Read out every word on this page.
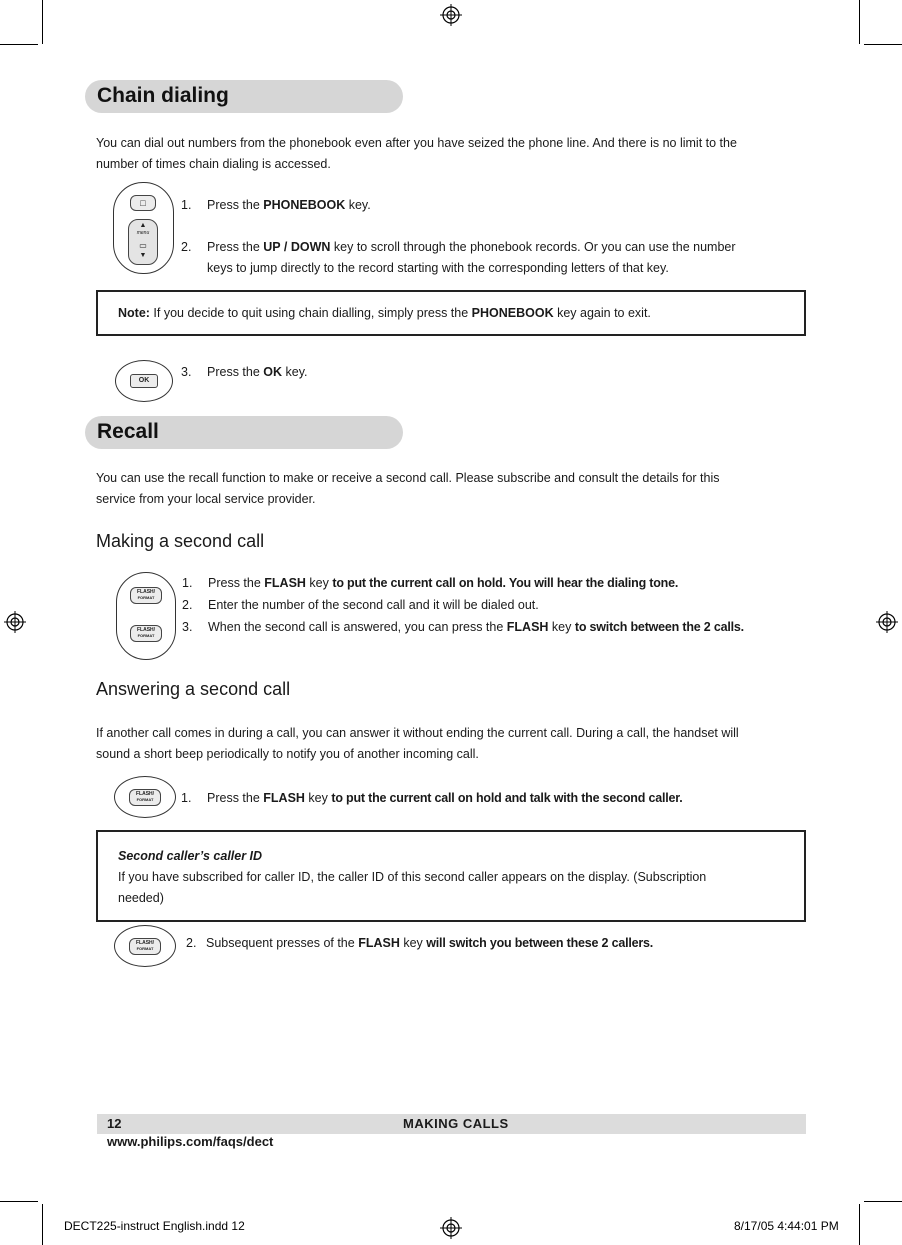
Chain dialing
You can dial out numbers from the phonebook even after you have seized the phone line. And there is no limit to the
number of times chain dialing is accessed.
□
▲
menu
▭
▼
1. Press the PHONEBOOK key.
2. Press the UP / DOWN key to scroll through the phonebook records. Or you can use the number
keys to jump directly to the record starting with the corresponding letters of that key.
Note: If you decide to quit using chain dialling, simply press the PHONEBOOK key again to exit.
OK
3. Press the OK key.
Recall
You can use the recall function to make or receive a second call. Please subscribe and consult the details for this
service from your local service provider.
Making a second call
FLASH/
FORMAT
FLASH/
FORMAT
1. Press the FLASH key to put the current call on hold. You will hear the dialing tone.
2. Enter the number of the second call and it will be dialed out.
3. When the second call is answered, you can press the FLASH key to switch between the 2 calls.
Answering a second call
If another call comes in during a call, you can answer it without ending the current call. During a call, the handset will
sound a short beep periodically to notify you of another incoming call.
FLASH/
FORMAT	1. Press the FLASH key to put the current call on hold and talk with the second caller.
Second caller’s caller ID
If you have subscribed for caller ID, the caller ID of this second caller appears on the display. (Subscription
needed)
FLASH/
FORMAT	2. Subsequent presses of the FLASH key will switch you between these 2 callers.
12	MAKING CALLS
www.philips.com/faqs/dect
DECT225-instruct English.indd 12	8/17/05 4:44:01 PM
